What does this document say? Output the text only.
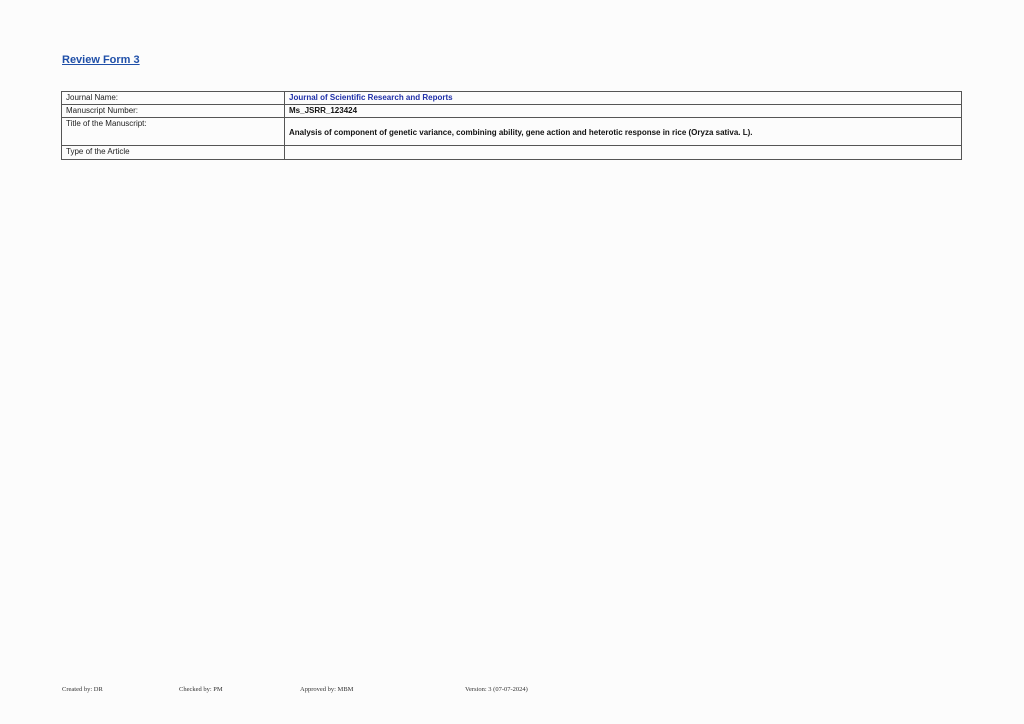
Review Form 3
Journal Name:	Journal of Scientific Research and Reports
Manuscript Number:	Ms_JSRR_123424
Title of the Manuscript:	Analysis of component of genetic variance, combining ability, gene action and heterotic response in rice (Oryza sativa. L).

Type of the Article	
Created by: DR	Checked by: PM	Approved by: MBM	Version: 3 (07-07-2024)
